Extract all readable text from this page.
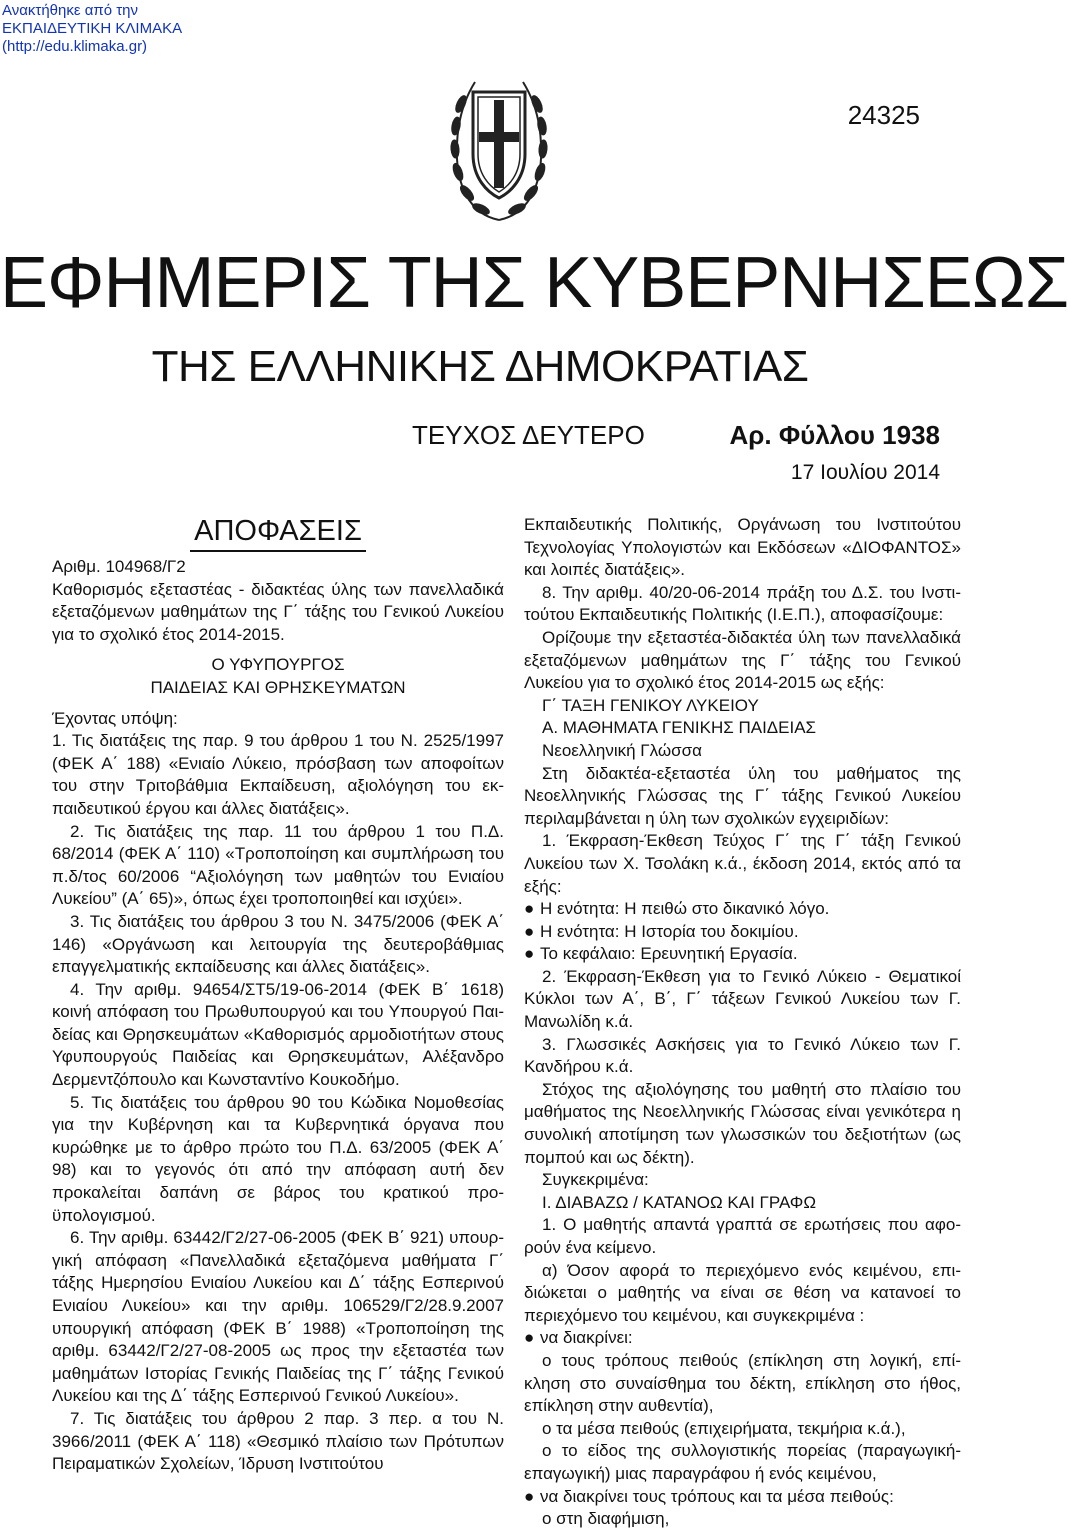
Ανακτήθηκε από την
ΕΚΠΑΙΔΕΥΤΙΚΗ ΚΛΙΜΑΚΑ
(http://edu.klimaka.gr)
24325
ΕΦΗΜΕΡΙΣ ΤΗΣ ΚΥΒΕΡΝΗΣΕΩΣ
ΤΗΣ ΕΛΛΗΝΙΚΗΣ ΔΗΜΟΚΡΑΤΙΑΣ
ΤΕΥΧΟΣ ΔΕΥΤΕΡΟ	Αρ. Φύλλου 1938
17 Ιουλίου 2014
ΑΠΟΦΑΣΕΙΣ

Αριθμ. 104968/Γ2

Καθορισμός εξεταστέας - διδακτέας ύλης των πανελλαδικά εξεταζόμενων μαθημάτων της Γ΄ τάξης του Γενικού Λυκείου για το σχολικό έτος 2014-2015.

Ο ΥΦΥΠΟΥΡΓΟΣ

ΠΑΙΔΕΙΑΣ ΚΑΙ ΘΡΗΣΚΕΥΜΑΤΩΝ

Έχοντας υπόψη:

1. Τις διατάξεις της παρ. 9 του άρθρου 1 του Ν. 2525/1997 (ΦΕΚ Α΄ 188) «Ενιαίο Λύκειο, πρόσβαση των αποφοίτων του στην Τριτοβάθμια Εκπαίδευση, αξιολόγηση του εκπαιδευτικού έργου και άλλες διατάξεις».

2. Τις διατάξεις της παρ. 11 του άρθρου 1 του Π.Δ. 68/2014 (ΦΕΚ Α΄ 110) «Τροποποίηση και συμπλήρωση του π.δ/τος 60/2006 “Αξιολόγηση των μαθητών του Ενιαίου Λυκείου” (Α΄ 65)», όπως έχει τροποποιηθεί και ισχύει».

3. Τις διατάξεις του άρθρου 3 του Ν. 3475/2006 (ΦΕΚ Α΄ 146) «Οργάνωση και λειτουργία της δευτεροβάθμιας επαγγελματικής εκπαίδευσης και άλλες διατάξεις».

4. Την αριθμ. 94654/ΣΤ5/19-06-2014 (ΦΕΚ Β΄ 1618) κοινή απόφαση του Πρωθυπουργού και του Υπουργού Παιδείας και Θρησκευμάτων «Καθορισμός αρμοδιοτήτων στους Υφυπουργούς Παιδείας και Θρησκευμάτων, Αλέξανδρο Δερμεντζόπουλο και Κωνσταντίνο Κουκοδήμο.

5. Τις διατάξεις του άρθρου 90 του Κώδικα Νομοθεσίας για την Κυβέρνηση και τα Κυβερνητικά όργανα που κυρώθηκε με το άρθρο πρώτο του Π.Δ. 63/2005 (ΦΕΚ Α΄ 98) και το γεγονός ότι από την απόφαση αυτή δεν προκαλείται δαπάνη σε βάρος του κρατικού προϋπολογισμού.

6. Την αριθμ. 63442/Γ2/27-06-2005 (ΦΕΚ Β΄ 921) υπουργική απόφαση «Πανελλαδικά εξεταζόμενα μαθήματα Γ΄ τάξης Ημερησίου Ενιαίου Λυκείου και Δ΄ τάξης Εσπερινού Ενιαίου Λυκείου» και την αριθμ. 106529/Γ2/28.9.2007 υπουργική απόφαση (ΦΕΚ Β΄ 1988) «Τροποποίηση της αριθμ. 63442/Γ2/27-08-2005 ως προς την εξεταστέα των μαθημάτων Ιστορίας Γενικής Παιδείας της Γ΄ τάξης Γενικού Λυκείου και της Δ΄ τάξης Εσπερινού Γενικού Λυκείου».

7. Τις διατάξεις του άρθρου 2 παρ. 3 περ. α του Ν. 3966/2011 (ΦΕΚ Α΄ 118) «Θεσμικό πλαίσιο των Πρότυπων Πειραματικών Σχολείων, Ίδρυση Ινστιτούτου

Εκπαιδευτικής Πολιτικής, Οργάνωση του Ινστιτούτου Τεχνολογίας Υπολογιστών και Εκδόσεων «ΔΙΟΦΑΝΤΟΣ» και λοιπές διατάξεις».

8. Την αριθμ. 40/20-06-2014 πράξη του Δ.Σ. του Ινστιτούτου Εκπαιδευτικής Πολιτικής (Ι.Ε.Π.), αποφασίζουμε:

Ορίζουμε την εξεταστέα-διδακτέα ύλη των πανελλαδικά εξεταζόμενων μαθημάτων της Γ΄ τάξης του Γενικού Λυκείου για το σχολικό έτος 2014-2015 ως εξής:

Γ΄ ΤΑΞΗ ΓΕΝΙΚΟΥ ΛΥΚΕΙΟΥ

Α. ΜΑΘΗΜΑΤΑ ΓΕΝΙΚΗΣ ΠΑΙΔΕΙΑΣ

Νεοελληνική Γλώσσα

Στη διδακτέα-εξεταστέα ύλη του μαθήματος της Νεοελληνικής Γλώσσας της Γ΄ τάξης Γενικού Λυκείου περιλαμβάνεται η ύλη των σχολικών εγχειριδίων:

1. Έκφραση-Έκθεση Τεύχος Γ΄ της Γ΄ τάξη Γενικού Λυκείου των Χ. Τσολάκη κ.ά., έκδοση 2014, εκτός από τα εξής:

● Η ενότητα: Η πειθώ στο δικανικό λόγο.

● Η ενότητα: Η Ιστορία του δοκιμίου.

● Το κεφάλαιο: Ερευνητική Εργασία.

2. Έκφραση-Έκθεση για το Γενικό Λύκειο - Θεματικοί Κύκλοι των Α΄, Β΄, Γ΄ τάξεων Γενικού Λυκείου των Γ. Μανωλίδη κ.ά.

3. Γλωσσικές Ασκήσεις για το Γενικό Λύκειο των Γ. Κανδήρου κ.ά.

Στόχος της αξιολόγησης του μαθητή στο πλαίσιο του μαθήματος της Νεοελληνικής Γλώσσας είναι γενικότερα η συνολική αποτίμηση των γλωσσικών του δεξιοτήτων (ως πομπού και ως δέκτη).

Συγκεκριμένα:

Ι. ΔΙΑΒΑΖΩ / ΚΑΤΑΝΟΩ ΚΑΙ ΓΡΑΦΩ

1. Ο μαθητής απαντά γραπτά σε ερωτήσεις που αφορούν ένα κείμενο.

α) Όσον αφορά το περιεχόμενο ενός κειμένου, επιδιώκεται ο μαθητής να είναι σε θέση να κατανοεί το περιεχόμενο του κειμένου, και συγκεκριμένα :

● να διακρίνει:

ο τους τρόπους πειθούς (επίκληση στη λογική, επίκληση στο συναίσθημα του δέκτη, επίκληση στο ήθος, επίκληση στην αυθεντία),

ο τα μέσα πειθούς (επιχειρήματα, τεκμήρια κ.ά.),

ο το είδος της συλλογιστικής πορείας (παραγωγική-επαγωγική) μιας παραγράφου ή ενός κειμένου,

● να διακρίνει τους τρόπους και τα μέσα πειθούς:

ο στη διαφήμιση,
